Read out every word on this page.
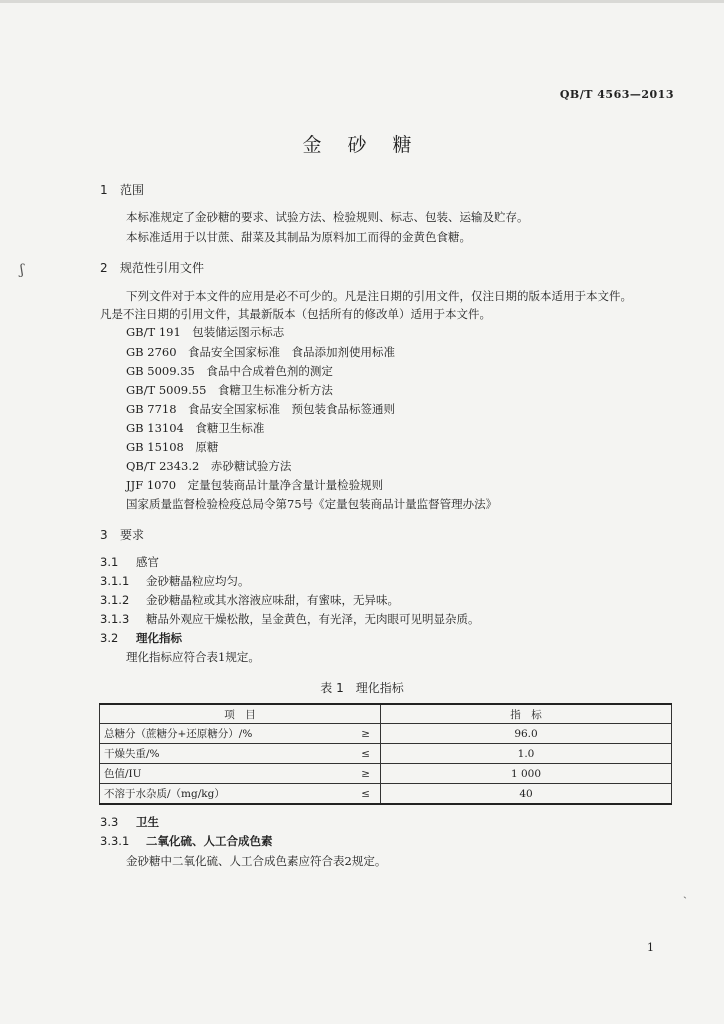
QB/T 4563—2013
金 砂 糖
1 范围
本标准规定了金砂糖的要求、试验方法、检验规则、标志、包装、运输及贮存。
本标准适用于以甘蔗、甜菜及其制品为原料加工而得的金黄色食糖。
2 规范性引用文件
下列文件对于本文件的应用是必不可少的。凡是注日期的引用文件，仅注日期的版本适用于本文件。
凡是不注日期的引用文件，其最新版本（包括所有的修改单）适用于本文件。
GB/T 191　包装储运图示标志
GB 2760　食品安全国家标准　食品添加剂使用标准
GB 5009.35　食品中合成着色剂的测定
GB/T 5009.55　食糖卫生标准分析方法
GB 7718　食品安全国家标准　预包装食品标签通则
GB 13104　食糖卫生标准
GB 15108　原糖
QB/T 2343.2　赤砂糖试验方法
JJF 1070　定量包装商品计量净含量计量检验规则
国家质量监督检验检疫总局令第75号《定量包装商品计量监督管理办法》
3 要求
3.1 感官
3.1.1 金砂糖晶粒应均匀。
3.1.2 金砂糖晶粒或其水溶液应味甜，有蜜味，无异味。
3.1.3 糖品外观应干燥松散，呈金黄色，有光泽，无肉眼可见明显杂质。
3.2 理化指标
理化指标应符合表1规定。
表 1　理化指标
项　目		指　标
总糖分（蔗糖分+还原糖分）/%	≥	96.0
干燥失重/%	≤	1.0
色值/IU	≥	1 000
不溶于水杂质/（mg/kg）	≤	40
3.3 卫生
3.3.1 二氧化硫、人工合成色素
金砂糖中二氧化硫、人工合成色素应符合表2规定。
1
ʃ
ˎ
